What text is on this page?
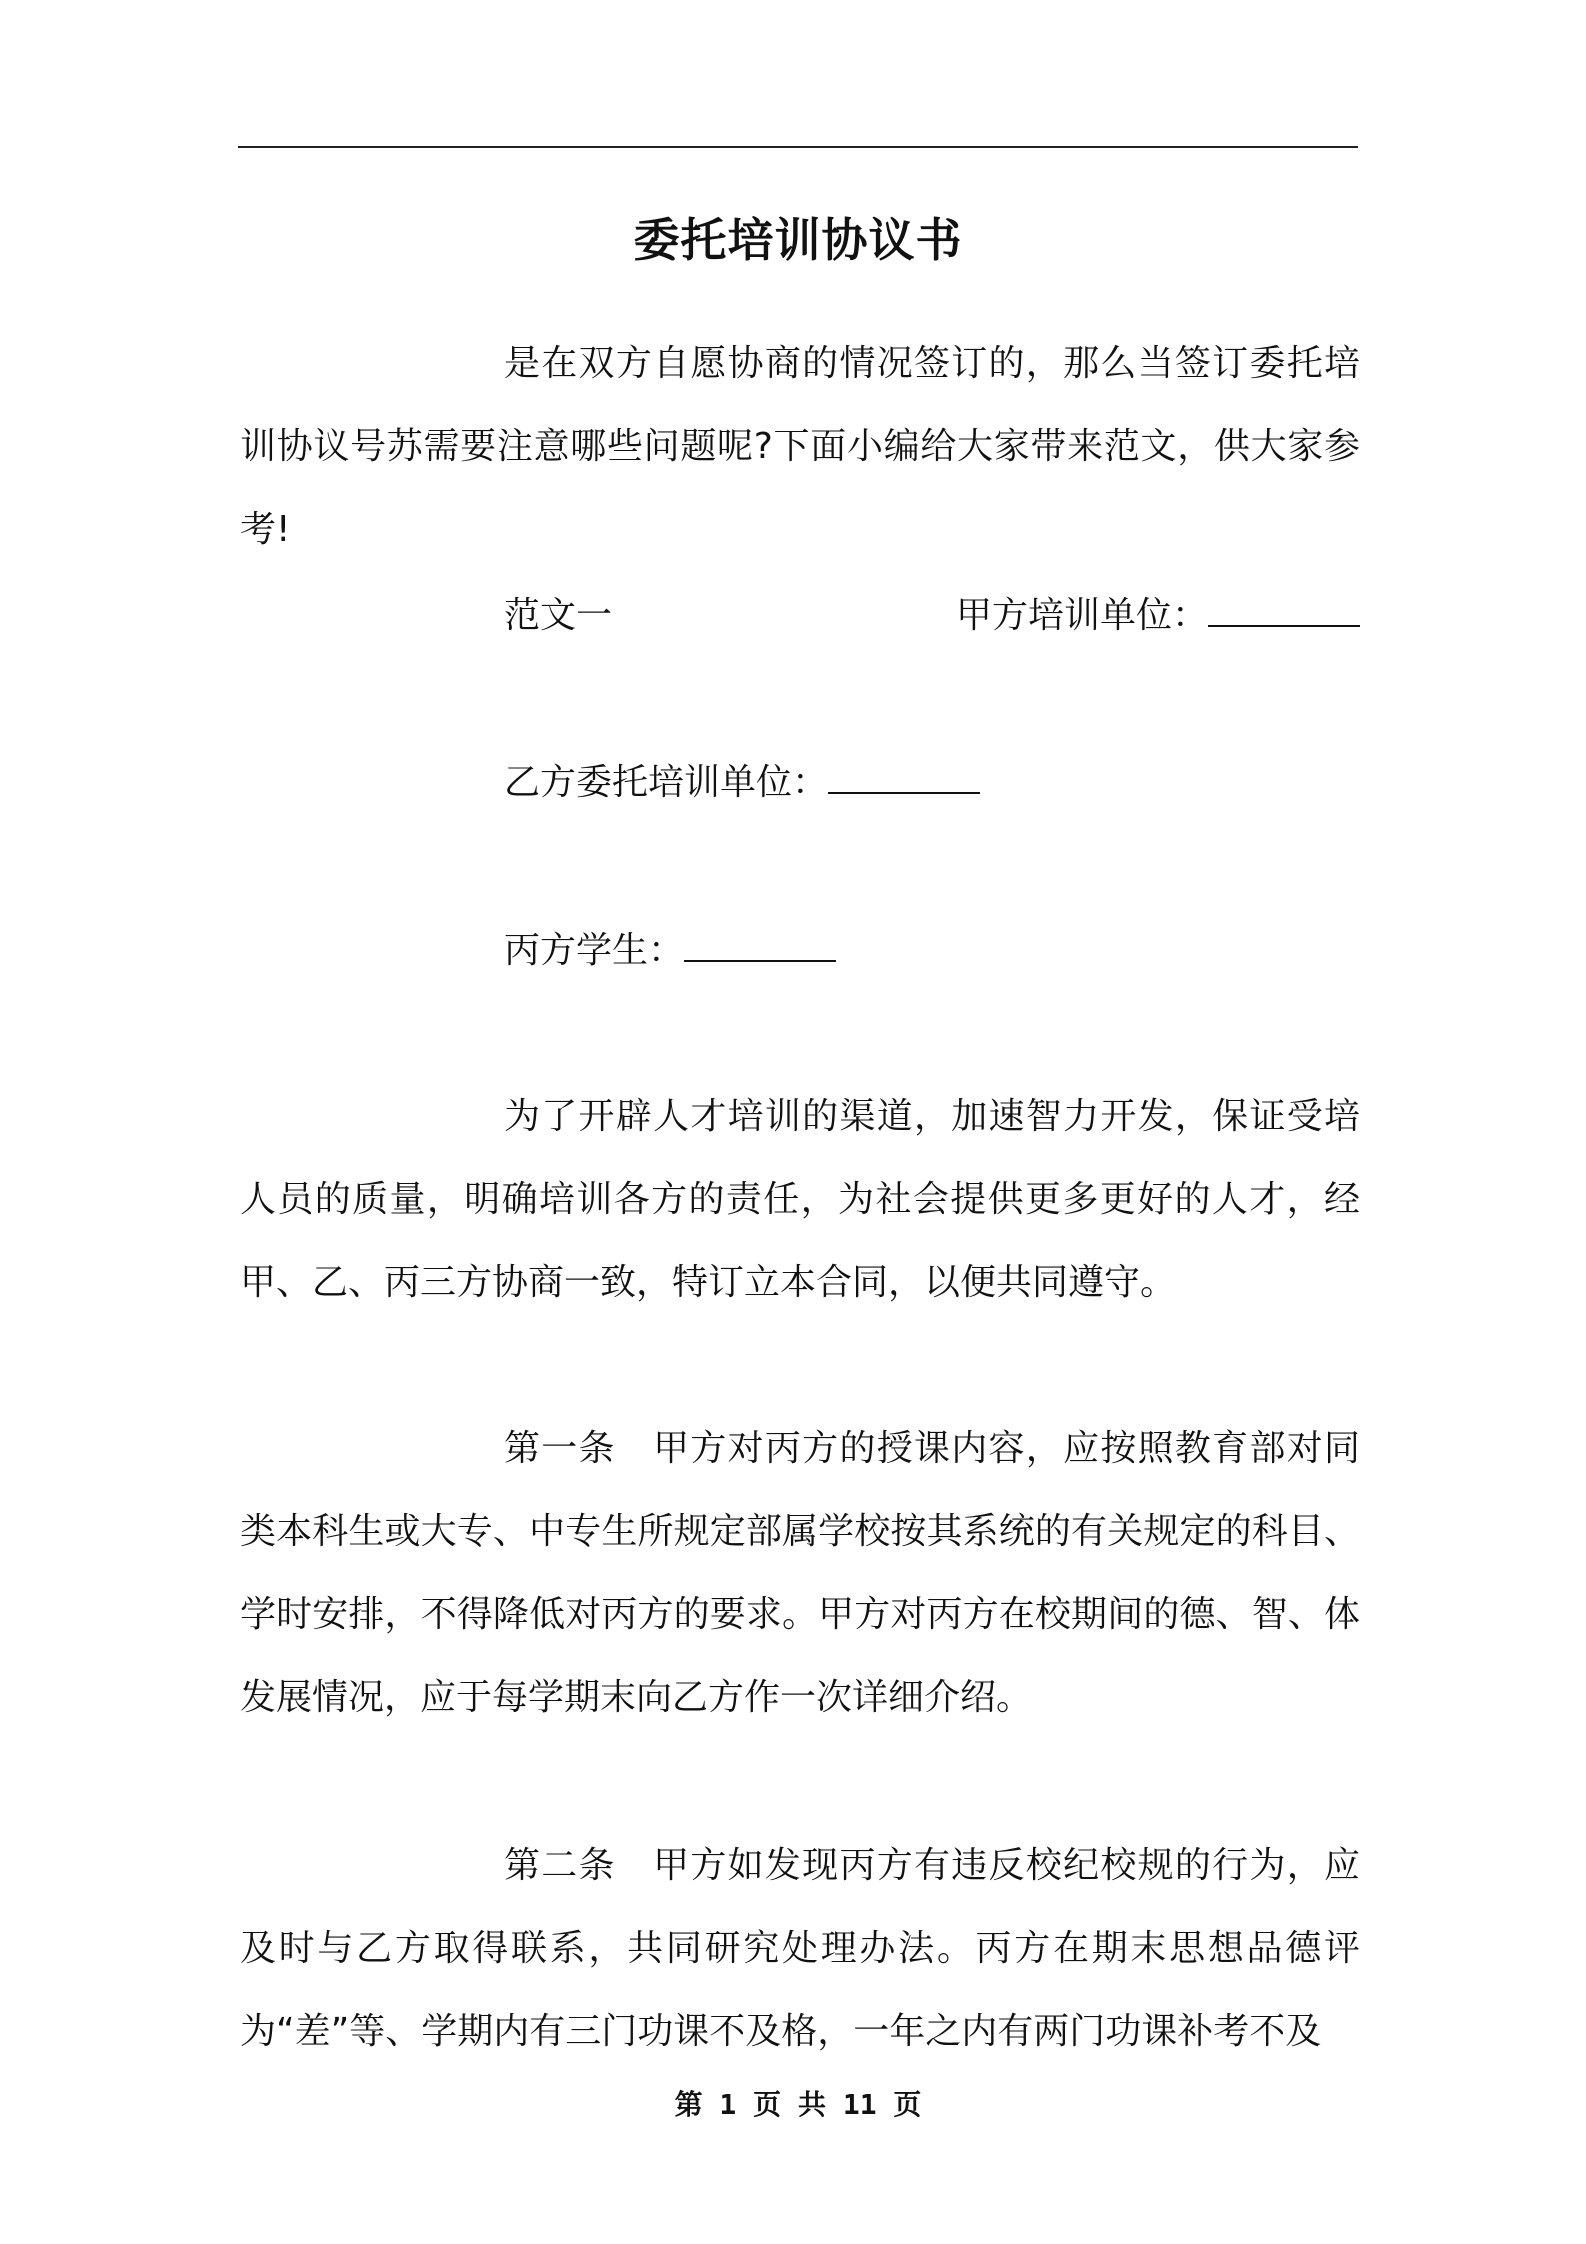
委托培训协议书

是在双方自愿协商的情况签订的，那么当签订委托培训协议号苏需要注意哪些问题呢?下面小编给大家带来范文，供大家参考!

范文一	甲方培训单位：
乙方委托培训单位：
丙方学生：

为了开辟人才培训的渠道，加速智力开发，保证受培人员的质量，明确培训各方的责任，为社会提供更多更好的人才，经甲、乙、丙三方协商一致，特订立本合同，以便共同遵守。

第一条　甲方对丙方的授课内容，应按照教育部对同类本科生或大专、中专生所规定部属学校按其系统的有关规定的科目、学时安排，不得降低对丙方的要求。甲方对丙方在校期间的德、智、体发展情况，应于每学期末向乙方作一次详细介绍。

第二条　甲方如发现丙方有违反校纪校规的行为，应及时与乙方取得联系，共同研究处理办法。丙方在期末思想品德评为“差”等、学期内有三门功课不及格，一年之内有两门功课补考不及

第 1 页 共 11 页
